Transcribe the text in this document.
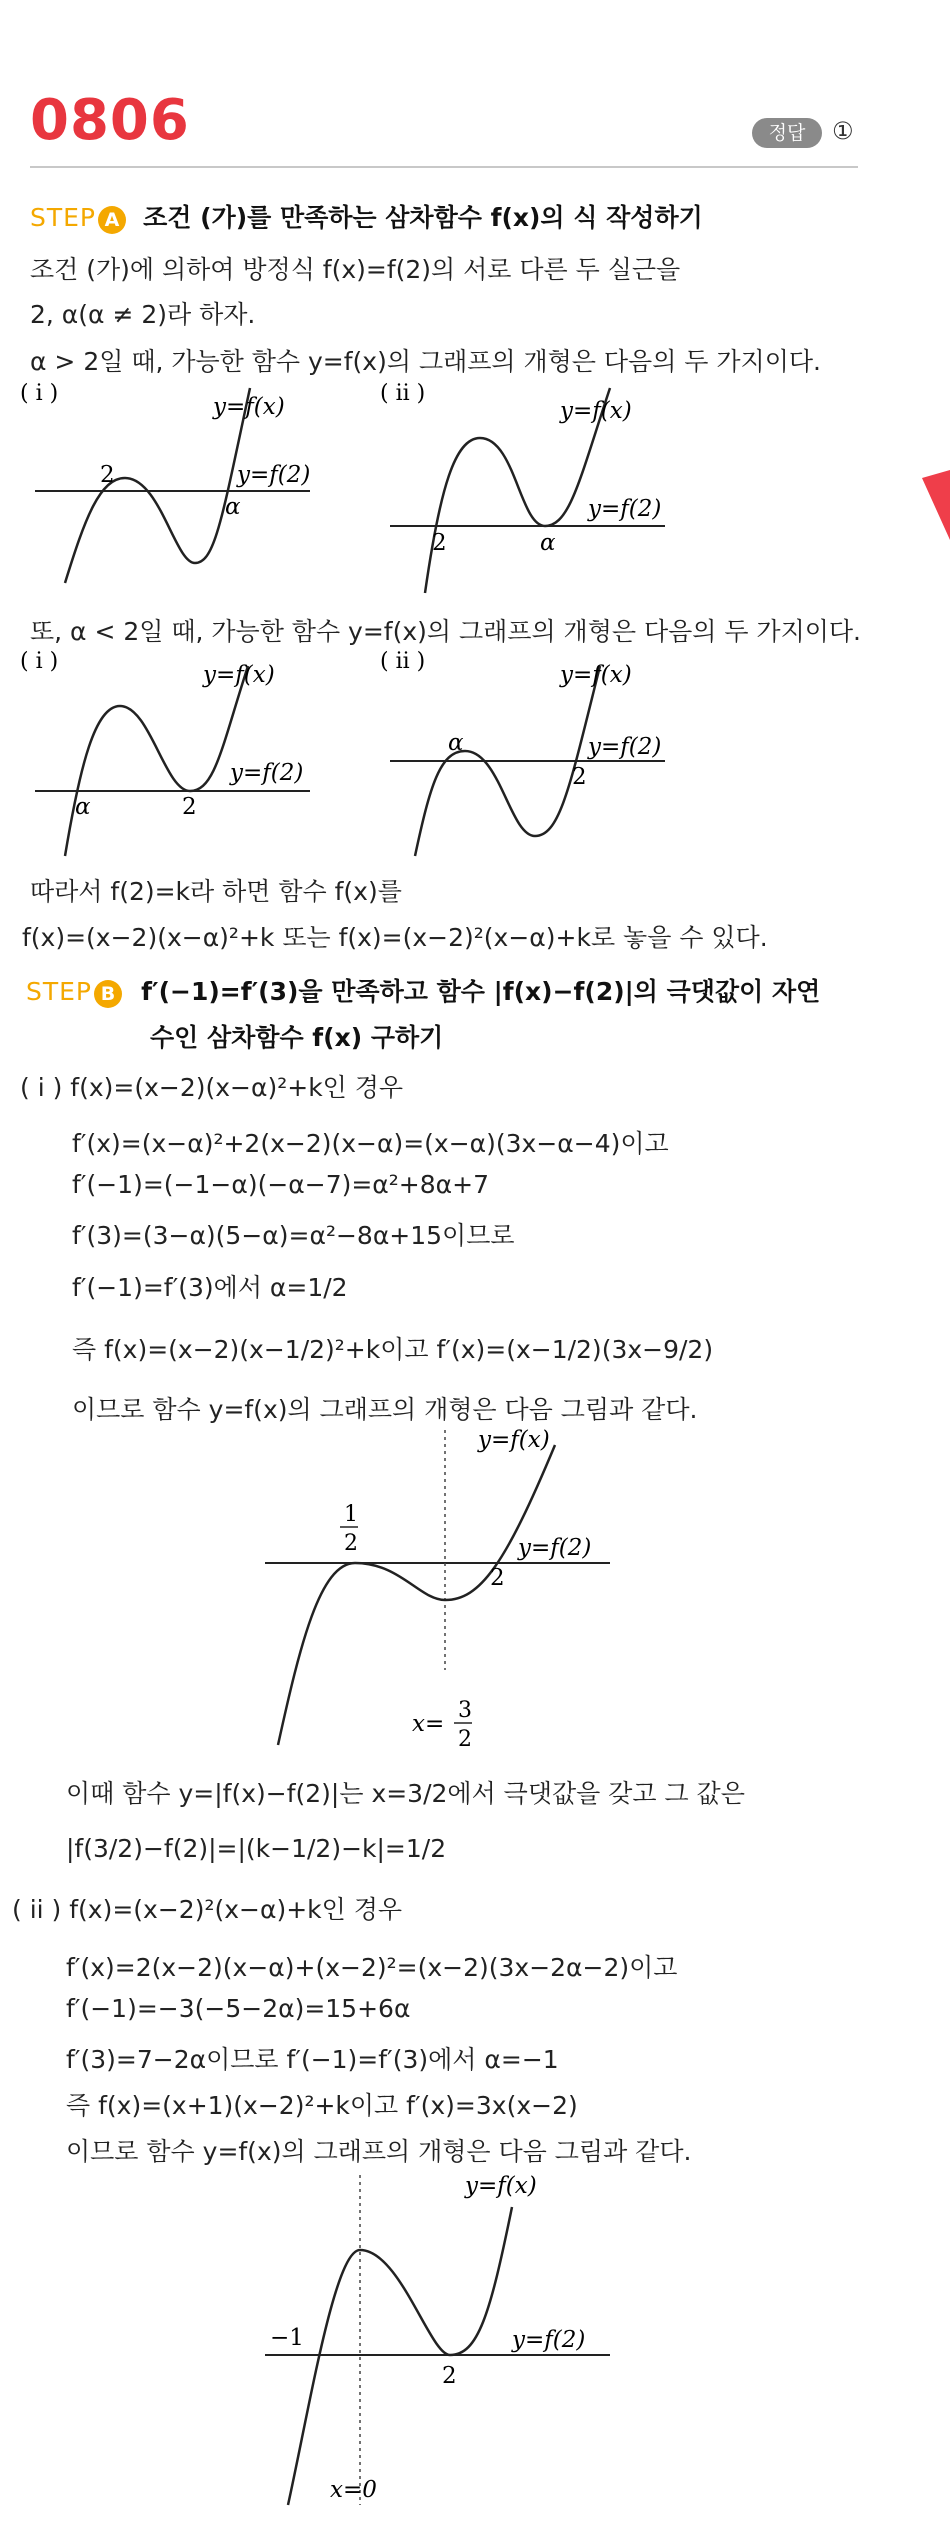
0806	정답	①
STEP A 조건 (가)를 만족하는 삼차함수 f(x)의 식 작성하기
조건 (가)에 의하여 방정식 f(x)=f(2)의 서로 다른 두 실근을
2, α(α ≠ 2)라 하자.
α > 2일 때, 가능한 함수 y=f(x)의 그래프의 개형은 다음의 두 가지이다.
( i )
y=f(x)
y=f(2)
2
α
( ii )
y=f(x)
y=f(2)
2	α
또, α < 2일 때, 가능한 함수 y=f(x)의 그래프의 개형은 다음의 두 가지이다.
( i )
y=f(x)
y=f(2)
α	2
( ii )
y=f(x)
y=f(2)
α
2
따라서 f(2)=k라 하면 함수 f(x)를
f(x)=(x−2)(x−α)²+k 또는 f(x)=(x−2)²(x−α)+k로 놓을 수 있다.
STEP B f′(−1)=f′(3)을 만족하고 함수 |f(x)−f(2)|의 극댓값이 자연
수인 삼차함수 f(x) 구하기
( i ) f(x)=(x−2)(x−α)²+k인 경우
f′(x)=(x−α)²+2(x−2)(x−α)=(x−α)(3x−α−4)이고
f′(−1)=(−1−α)(−α−7)=α²+8α+7
f′(3)=(3−α)(5−α)=α²−8α+15이므로
f′(−1)=f′(3)에서 α=1/2
즉 f(x)=(x−2)(x−1/2)²+k이고 f′(x)=(x−1/2)(3x−9/2)
이므로 함수 y=f(x)의 그래프의 개형은 다음 그림과 같다.
y=f(x)
y=f(2)
1
2
2
x=
3
2
이때 함수 y=|f(x)−f(2)|는 x=3/2에서 극댓값을 갖고 그 값은
|f(3/2)−f(2)|=|(k−1/2)−k|=1/2
( ii ) f(x)=(x−2)²(x−α)+k인 경우
f′(x)=2(x−2)(x−α)+(x−2)²=(x−2)(3x−2α−2)이고
f′(−1)=−3(−5−2α)=15+6α
f′(3)=7−2α이므로 f′(−1)=f′(3)에서 α=−1
즉 f(x)=(x+1)(x−2)²+k이고 f′(x)=3x(x−2)
이므로 함수 y=f(x)의 그래프의 개형은 다음 그림과 같다.
y=f(x)
y=f(2)
−1
2
x=0
